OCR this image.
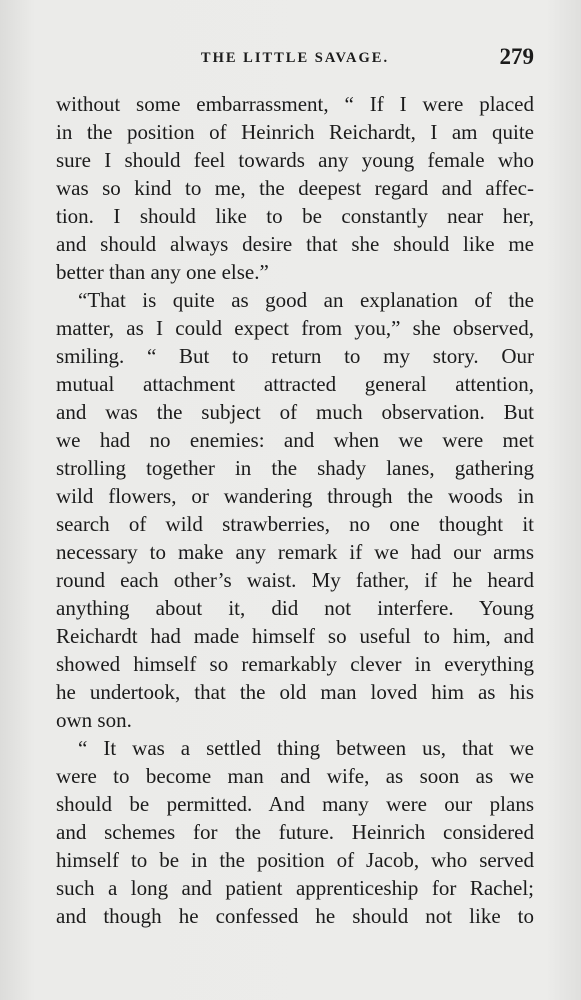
THE LITTLE SAVAGE.	279
without some embarrassment, “ If I were placed
in the position of Heinrich Reichardt, I am quite
sure I should feel towards any young female who
was so kind to me, the deepest regard and affec-
tion. I should like to be constantly near her,
and should always desire that she should like me
better than any one else.”
“That is quite as good an explanation of the
matter, as I could expect from you,” she observed,
smiling. “ But to return to my story. Our
mutual attachment attracted general attention,
and was the subject of much observation. But
we had no enemies: and when we were met
strolling together in the shady lanes, gathering
wild flowers, or wandering through the woods in
search of wild strawberries, no one thought it
necessary to make any remark if we had our arms
round each other’s waist. My father, if he heard
anything about it, did not interfere. Young
Reichardt had made himself so useful to him, and
showed himself so remarkably clever in everything
he undertook, that the old man loved him as his
own son.
“ It was a settled thing between us, that we
were to become man and wife, as soon as we
should be permitted. And many were our plans
and schemes for the future. Heinrich considered
himself to be in the position of Jacob, who served
such a long and patient apprenticeship for Rachel;
and though he confessed he should not like to
